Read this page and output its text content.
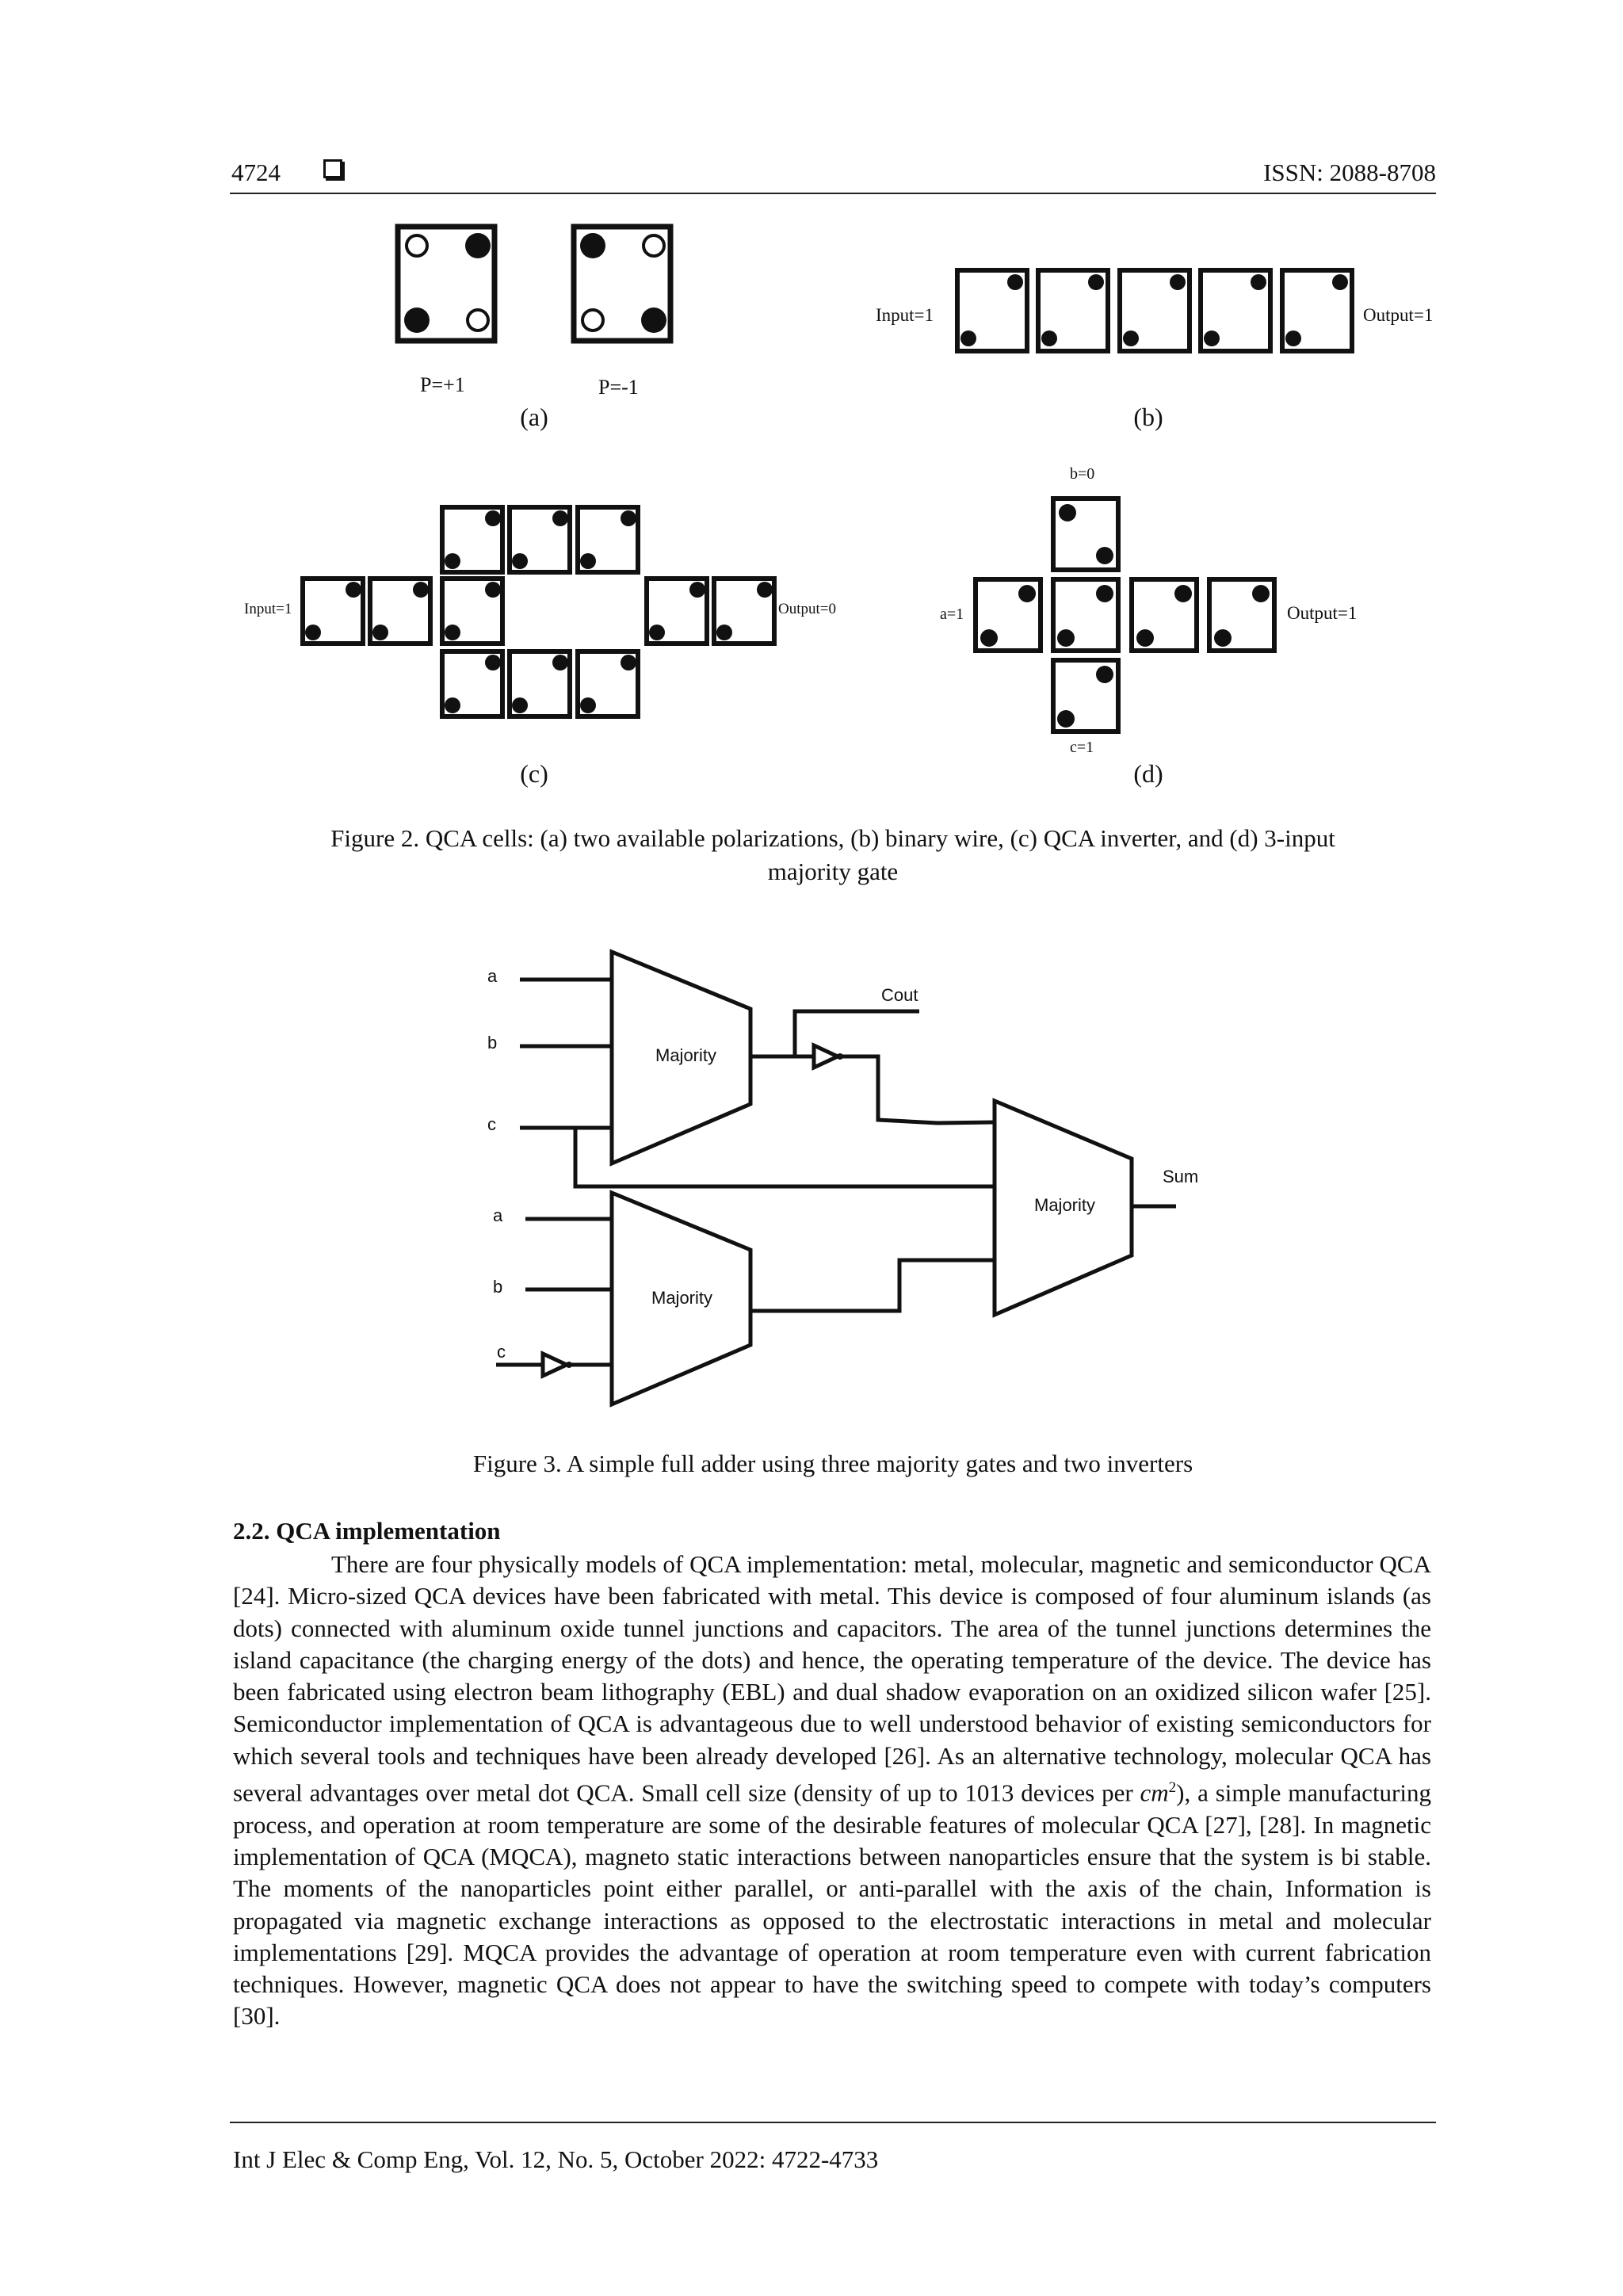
4724	ISSN: 2088-8708
P=+1	P=-1
Input=1	Output=1
Input=1	Output=0
b=0
a=1
c=1
Output=1
(a)	(b)
(c)	(d)
Figure 2. QCA cells: (a) two available polarizations, (b) binary wire, (c) QCA inverter, and (d) 3-input
majority gate
a
b
c
a
b
c
Majority
Majority
Majority
Cout
Sum
Figure 3. A simple full adder using three majority gates and two inverters
2.2. QCA implementation

There are four physically models of QCA implementation: metal, molecular, magnetic and semiconductor QCA [24]. Micro-sized QCA devices have been fabricated with metal. This device is composed of four aluminum islands (as dots) connected with aluminum oxide tunnel junctions and capacitors. The area of the tunnel junctions determines the island capacitance (the charging energy of the dots) and hence, the operating temperature of the device. The device has been fabricated using electron beam lithography (EBL) and dual shadow evaporation on an oxidized silicon wafer [25]. Semiconductor implementation of QCA is advantageous due to well understood behavior of existing semiconductors for which several tools and techniques have been already developed [26]. As an alternative technology, molecular QCA has several advantages over metal dot QCA. Small cell size (density of up to 1013 devices per $cm^2$), a simple manufacturing process, and operation at room temperature are some of the desirable features of molecular QCA [27], [28]. In magnetic implementation of QCA (MQCA), magneto static interactions between nanoparticles ensure that the system is bi stable. The moments of the nanoparticles point either parallel, or anti-parallel with the axis of the chain, Information is propagated via magnetic exchange interactions as opposed to the electrostatic interactions in metal and molecular implementations [29]. MQCA provides the advantage of operation at room temperature even with current fabrication techniques. However, magnetic QCA does not appear to have the switching speed to compete with today’s computers [30].

Int J Elec & Comp Eng, Vol. 12, No. 5, October 2022: 4722-4733
